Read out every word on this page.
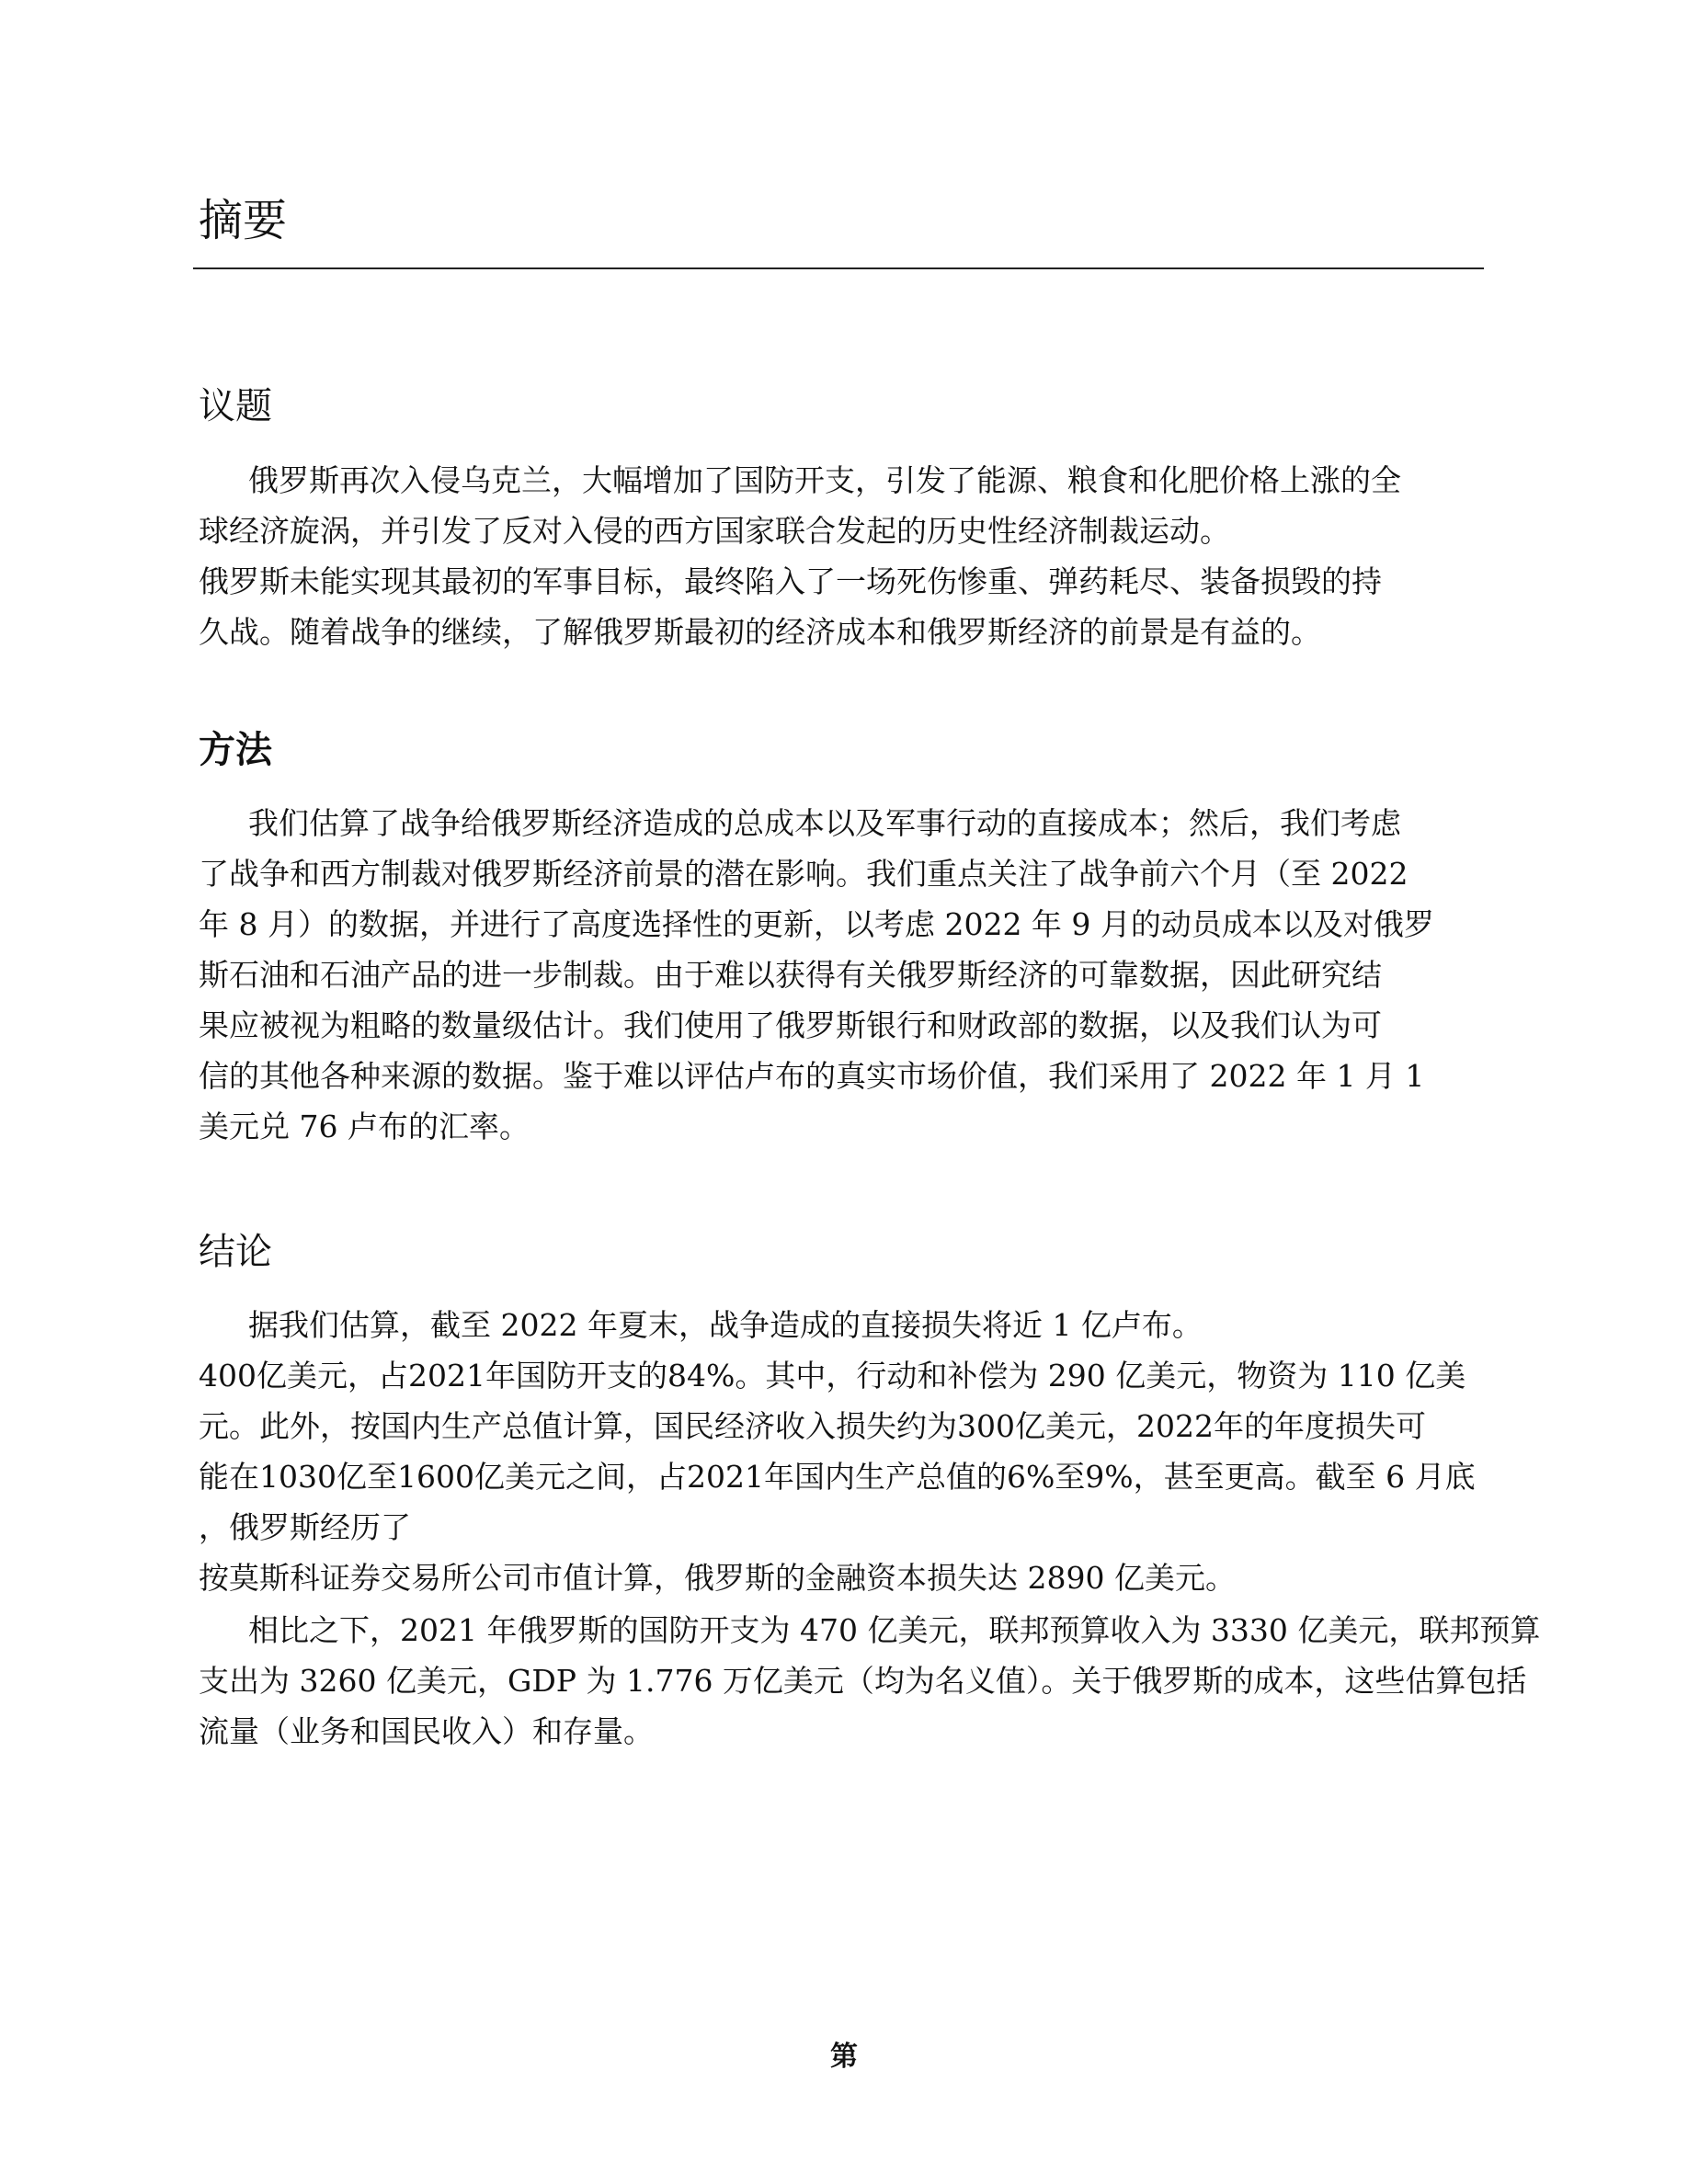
摘要
议题

俄罗斯再次入侵乌克兰，大幅增加了国防开支，引发了能源、粮食和化肥价格上涨的全
球经济旋涡，并引发了反对入侵的西方国家联合发起的历史性经济制裁运动。
俄罗斯未能实现其最初的军事目标，最终陷入了一场死伤惨重、弹药耗尽、装备损毁的持
久战。随着战争的继续，了解俄罗斯最初的经济成本和俄罗斯经济的前景是有益的。

方法

我们估算了战争给俄罗斯经济造成的总成本以及军事行动的直接成本；然后，我们考虑
了战争和西方制裁对俄罗斯经济前景的潜在影响。我们重点关注了战争前六个月（至 2022
年 8 月）的数据，并进行了高度选择性的更新，以考虑 2022 年 9 月的动员成本以及对俄罗
斯石油和石油产品的进一步制裁。由于难以获得有关俄罗斯经济的可靠数据，因此研究结
果应被视为粗略的数量级估计。我们使用了俄罗斯银行和财政部的数据，以及我们认为可
信的其他各种来源的数据。鉴于难以评估卢布的真实市场价值，我们采用了 2022 年 1 月 1
美元兑 76 卢布的汇率。

结论

据我们估算，截至 2022 年夏末，战争造成的直接损失将近 1 亿卢布。
400亿美元，占2021年国防开支的84%。其中，行动和补偿为 290 亿美元，物资为 110 亿美
元。此外，按国内生产总值计算，国民经济收入损失约为300亿美元，2022年的年度损失可
能在1030亿至1600亿美元之间，占2021年国内生产总值的6%至9%，甚至更高。截至 6 月底
，俄罗斯经历了
按莫斯科证券交易所公司市值计算，俄罗斯的金融资本损失达 2890 亿美元。

相比之下，2021 年俄罗斯的国防开支为 470 亿美元，联邦预算收入为 3330 亿美元，联邦预算
支出为 3260 亿美元，GDP 为 1.776 万亿美元（均为名义值）。关于俄罗斯的成本，这些估算包括
流量（业务和国民收入）和存量。

第
